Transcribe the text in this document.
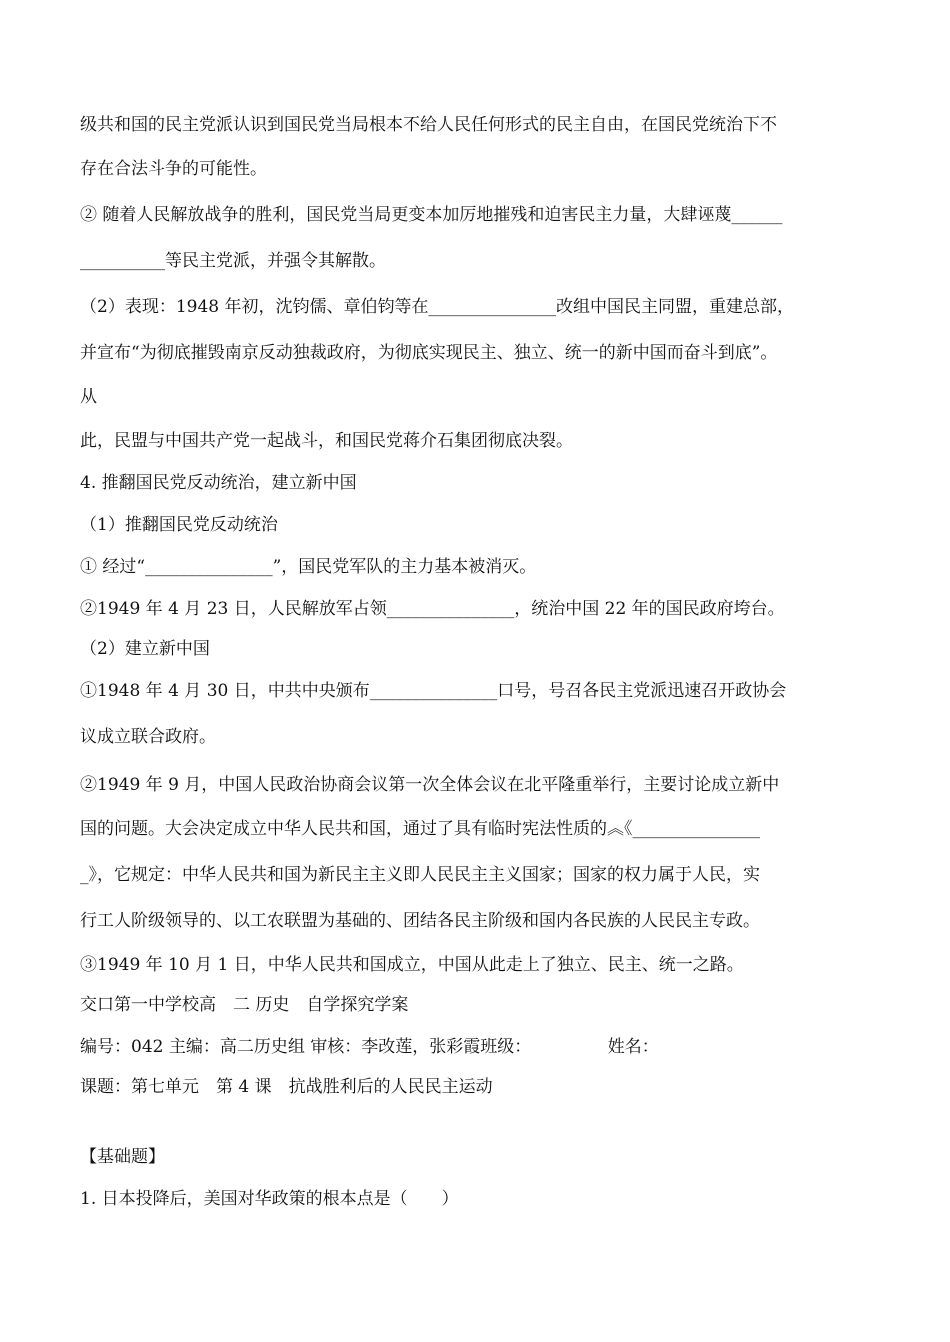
级共和国的民主党派认识到国民党当局根本不给人民任何形式的民主自由，在国民党统治下不
存在合法斗争的可能性。
② 随着人民解放战争的胜利，国民党当局更变本加厉地摧残和迫害民主力量，大肆诬蔑______
__________等民主党派，并强令其解散。
（2）表现：1948 年初，沈钧儒、章伯钧等在_______________改组中国民主同盟，重建总部，
并宣布“为彻底摧毁南京反动独裁政府，为彻底实现民主、独立、统一的新中国而奋斗到底”。
从
此，民盟与中国共产党一起战斗，和国民党蒋介石集团彻底决裂。
4. 推翻国民党反动统治，建立新中国
（1）推翻国民党反动统治
① 经过“_______________”，国民党军队的主力基本被消灭。
②1949 年 4 月 23 日，人民解放军占领_______________，统治中国 22 年的国民政府垮台。
（2）建立新中国
①1948 年 4 月 30 日，中共中央颁布_______________口号，号召各民主党派迅速召开政协会
议成立联合政府。
②1949 年 9 月，中国人民政治协商会议第一次全体会议在北平隆重举行，主要讨论成立新中
国的问题。大会决定成立中华人民共和国，通过了具有临时宪法性质的︽《_______________
_》，它规定：中华人民共和国为新民主主义即人民民主主义国家；国家的权力属于人民，实
行工人阶级领导的、以工农联盟为基础的、团结各民主阶级和国内各民族的人民民主专政。
③1949 年 10 月 1 日，中华人民共和国成立，中国从此走上了独立、民主、统一之路。
交口第一中学校高　二 历史　自学探究学案
编号：042 主编：高二历史组 审核：李改莲，张彩霞班级：　　　　　姓名：
课题：第七单元　第 4 课　抗战胜利后的人民民主运动
【基础题】
1. 日本投降后，美国对华政策的根本点是（　　）
